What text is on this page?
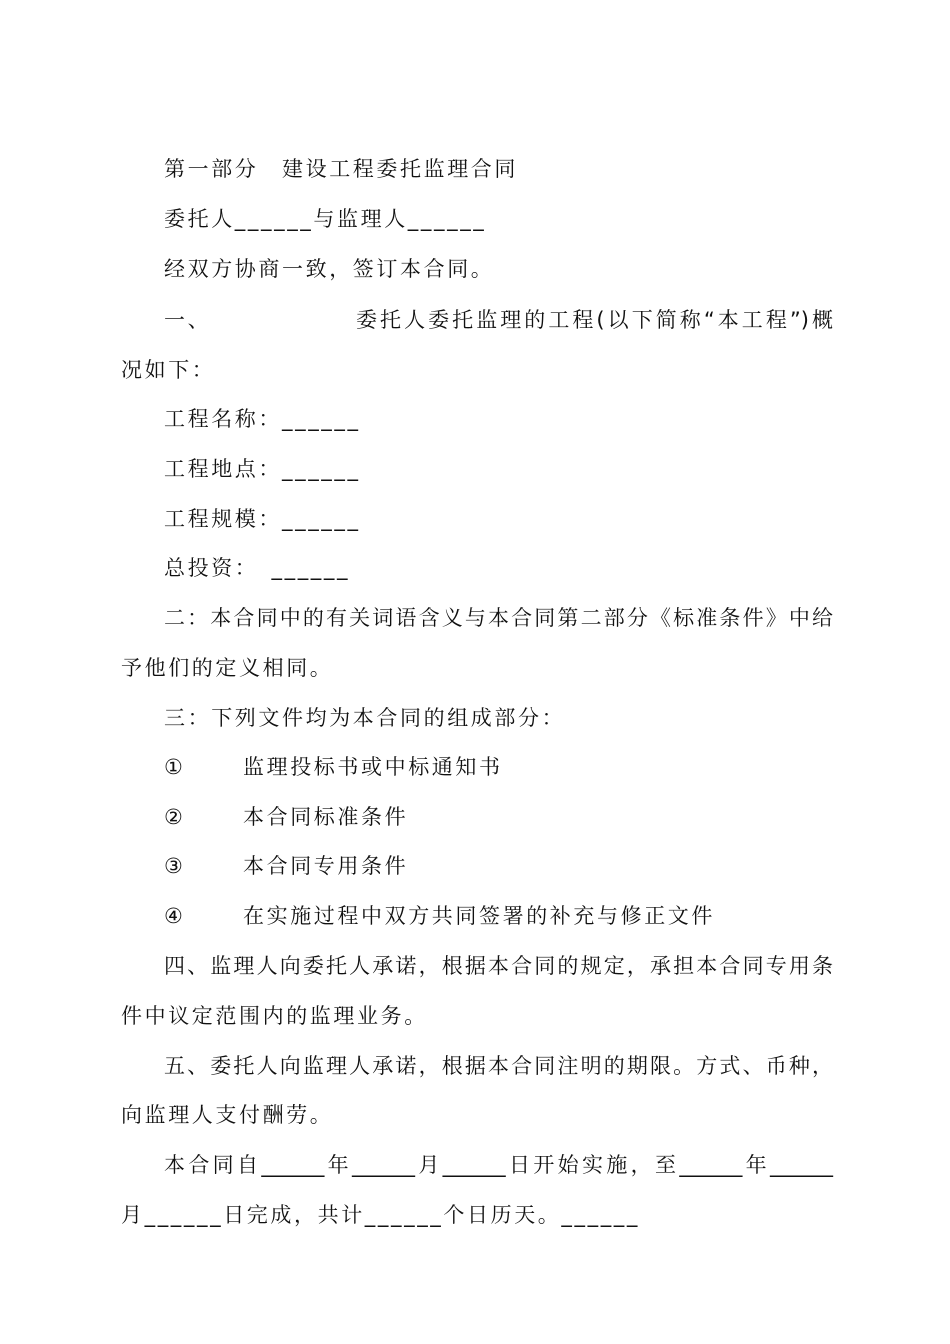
第一部分　建设工程委托监理合同
委托人______与监理人______
经双方协商一致，签订本合同。
一、	委托人委托监理的工程(以下简称“本工程”)概
况如下：
工程名称：______
工程地点：______
工程规模：______
总投资：　______
二：本合同中的有关词语含义与本合同第二部分《标准条件》中给
予他们的定义相同。
三：下列文件均为本合同的组成部分：
①	监理投标书或中标通知书
②	本合同标准条件
③	本合同专用条件
④	在实施过程中双方共同签署的补充与修正文件
四、监理人向委托人承诺，根据本合同的规定，承担本合同专用条
件中议定范围内的监理业务。
五、委托人向监理人承诺，根据本合同注明的期限。方式、币种，
向监理人支付酬劳。
本合同自______年______月______日开始实施，至______年______
月______日完成，共计______个日历天。______
